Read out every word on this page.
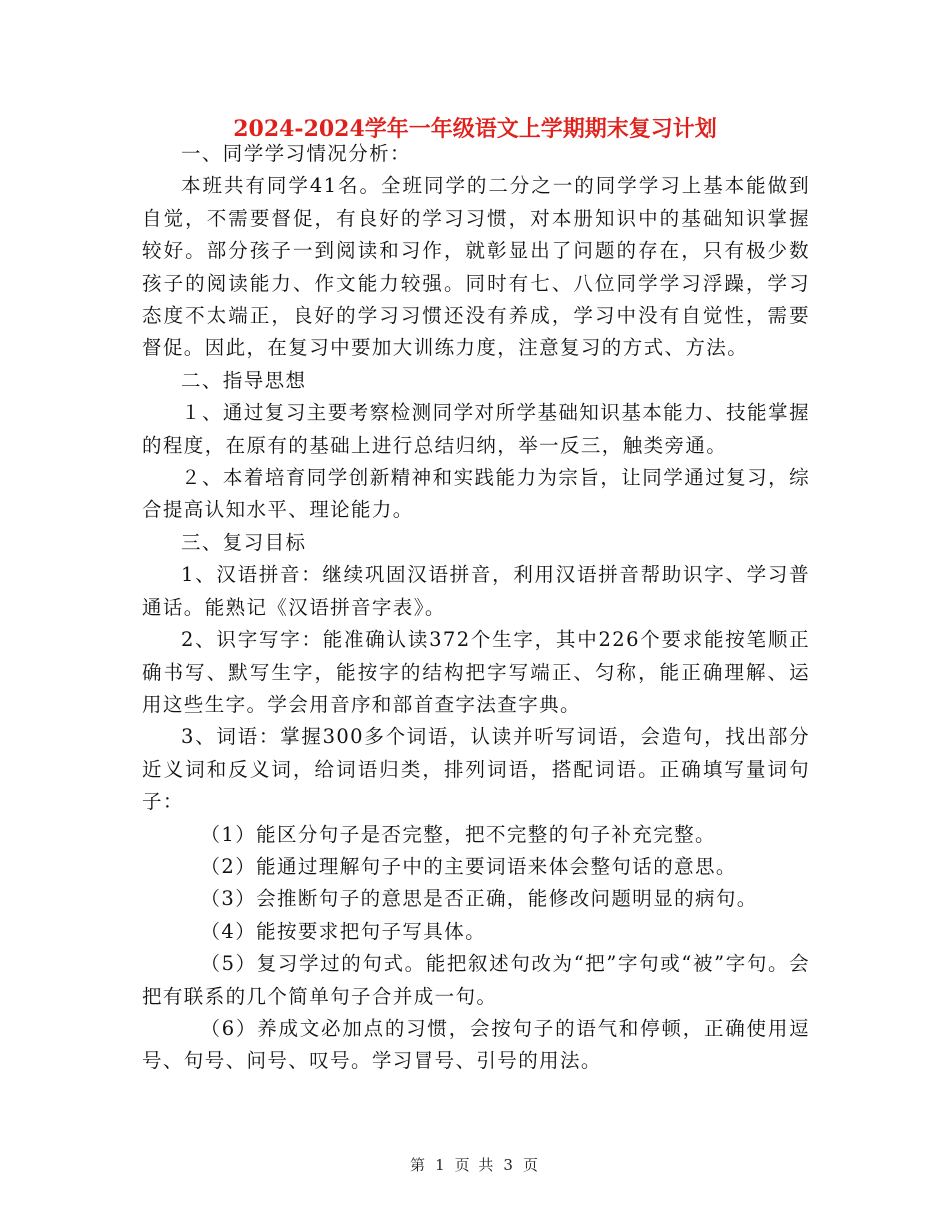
2024-2024学年一年级语文上学期期末复习计划

一、同学学习情况分析：

本班共有同学41名。全班同学的二分之一的同学学习上基本能做到自觉，不需要督促，有良好的学习习惯，对本册知识中的基础知识掌握较好。部分孩子一到阅读和习作，就彰显出了问题的存在，只有极少数孩子的阅读能力、作文能力较强。同时有七、八位同学学习浮躁，学习态度不太端正，良好的学习习惯还没有养成，学习中没有自觉性，需要督促。因此，在复习中要加大训练力度，注意复习的方式、方法。

二、指导思想

１、通过复习主要考察检测同学对所学基础知识基本能力、技能掌握的程度，在原有的基础上进行总结归纳，举一反三，触类旁通。

２、本着培育同学创新精神和实践能力为宗旨，让同学通过复习，综合提高认知水平、理论能力。

三、复习目标

1、汉语拼音：继续巩固汉语拼音，利用汉语拼音帮助识字、学习普通话。能熟记《汉语拼音字表》。

2、识字写字：能准确认读372个生字，其中226个要求能按笔顺正确书写、默写生字，能按字的结构把字写端正、匀称，能正确理解、运用这些生字。学会用音序和部首查字法查字典。

3、词语：掌握300多个词语，认读并听写词语，会造句，找出部分近义词和反义词，给词语归类，排列词语，搭配词语。正确填写量词句子：

（1）能区分句子是否完整，把不完整的句子补充完整。

（2）能通过理解句子中的主要词语来体会整句话的意思。

（3）会推断句子的意思是否正确，能修改问题明显的病句。

（4）能按要求把句子写具体。

（5）复习学过的句式。能把叙述句改为“把”字句或“被”字句。会把有联系的几个简单句子合并成一句。

（6）养成文必加点的习惯，会按句子的语气和停顿，正确使用逗号、句号、问号、叹号。学习冒号、引号的用法。

第 1 页 共 3 页
